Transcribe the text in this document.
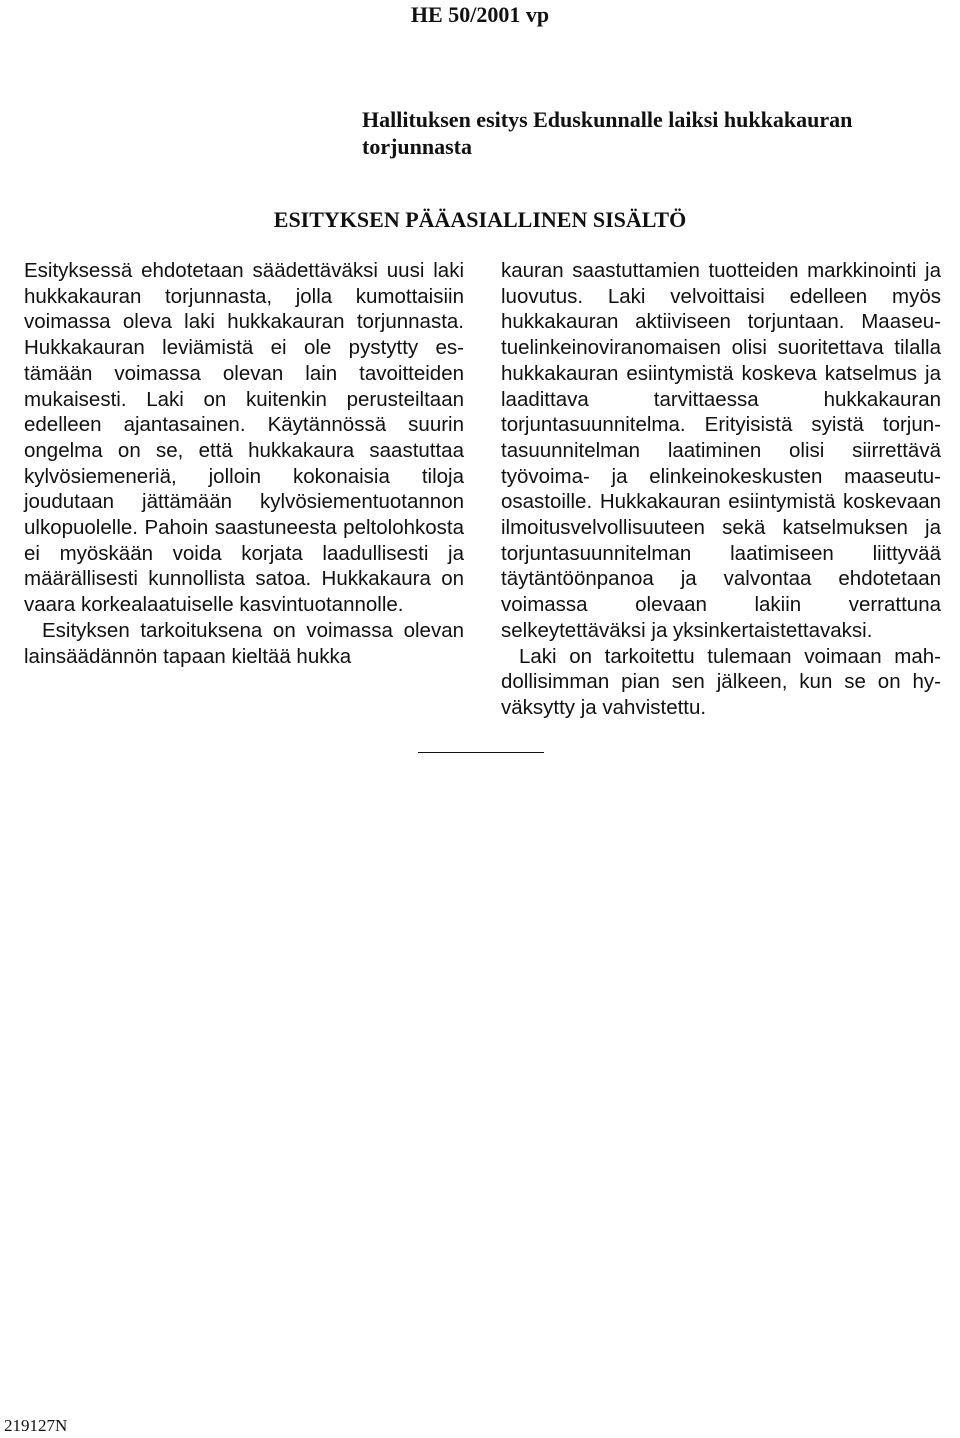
HE 50/2001 vp
Hallituksen esitys Eduskunnalle laiksi hukkakauran torjunnasta
ESITYKSEN PÄÄASIALLINEN SISÄLTÖ

Esityksessä ehdotetaan säädettäväksi uusi laki hukkakauran torjunnasta, jolla kumottaisiin voimassa oleva laki hukkakauran torjunnasta. Hukkakauran leviämistä ei ole pystytty estämään voimassa olevan lain tavoitteiden mukaisesti. Laki on kuitenkin perusteiltaan edelleen ajantasainen. Käytännössä suurin ongelma on se, että hukkakaura saastuttaa kylvösiemeneriä, jolloin kokonaisia tiloja joudutaan jättämään kylvösiementuotannon ulkopuolelle. Pahoin saastuneesta peltolohkosta ei myöskään voida korjata laadullisesti ja määrällisesti kunnollista satoa. Hukkakaura on vaara korkealaatuiselle kasvintuotannolle.

Esityksen tarkoituksena on voimassa olevan lainsäädännön tapaan kieltää hukka

kauran saastuttamien tuotteiden markkinointi ja luovutus. Laki velvoittaisi edelleen myös hukkakauran aktiiviseen torjuntaan. Maaseutuelinkeinoviranomaisen olisi suoritettava tilalla hukkakauran esiintymistä koskeva katselmus ja laadittava tarvittaessa hukkakauran torjuntasuunnitelma. Erityisistä syistä torjuntasuunnitelman laatiminen olisi siirrettävä työvoima- ja elinkeinokeskusten maaseutuosastoille. Hukkakauran esiintymistä koskevaan ilmoitusvelvollisuuteen sekä katselmuksen ja torjuntasuunnitelman laatimiseen liittyvää täytäntöönpanoa ja valvontaa ehdotetaan voimassa olevaan lakiin verrattuna selkeytettäväksi ja yksinkertaistettavaksi.

Laki on tarkoitettu tulemaan voimaan mahdollisimman pian sen jälkeen, kun se on hyväksytty ja vahvistettu.

219127N
